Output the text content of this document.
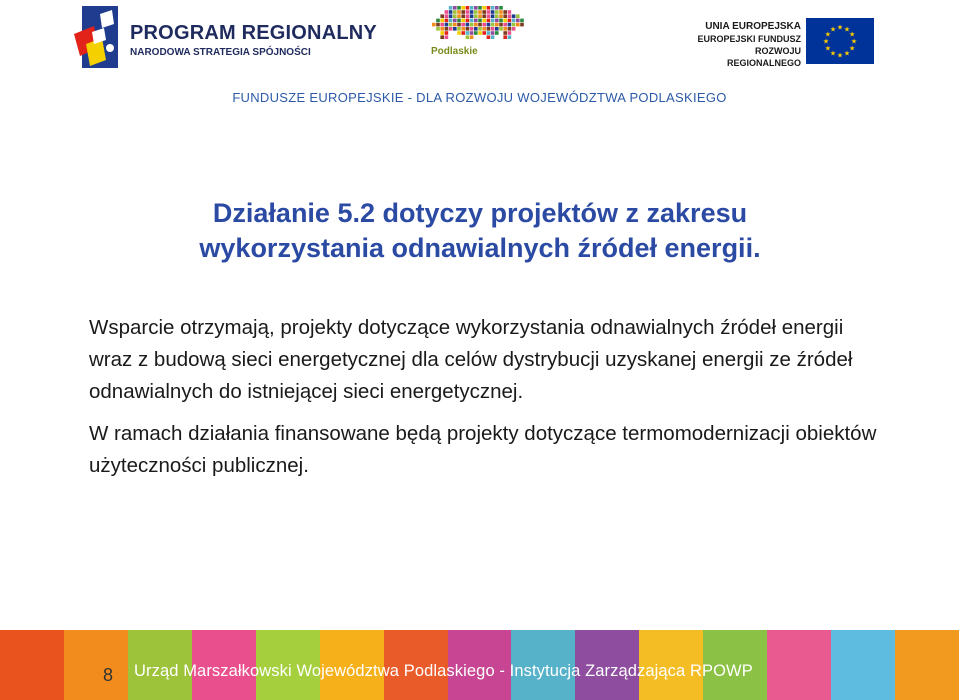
PROGRAM REGIONALNY
NARODOWA STRATEGIA SPÓJNOŚCI	Podlaskie
UNIA EUROPEJSKA
EUROPEJSKI FUNDUSZ
ROZWOJU REGIONALNEGO
★ ★
★
★
★
★
★
★
★
★
★
★
FUNDUSZE EUROPEJSKIE - DLA ROZWOJU WOJEWÓDZTWA PODLASKIEGO
Działanie 5.2 dotyczy projektów z zakresu
wykorzystania odnawialnych źródeł energii.

Wsparcie otrzymają, projekty dotyczące wykorzystania odnawialnych źródeł energii wraz z budową sieci energetycznej dla celów dystrybucji uzyskanej energii ze źródeł odnawialnych do istniejącej sieci energetycznej.

W ramach działania finansowane będą projekty dotyczące termomodernizacji obiektów użyteczności publicznej.

8 Urząd Marszałkowski Województwa Podlaskiego - Instytucja Zarządzająca RPOWP
